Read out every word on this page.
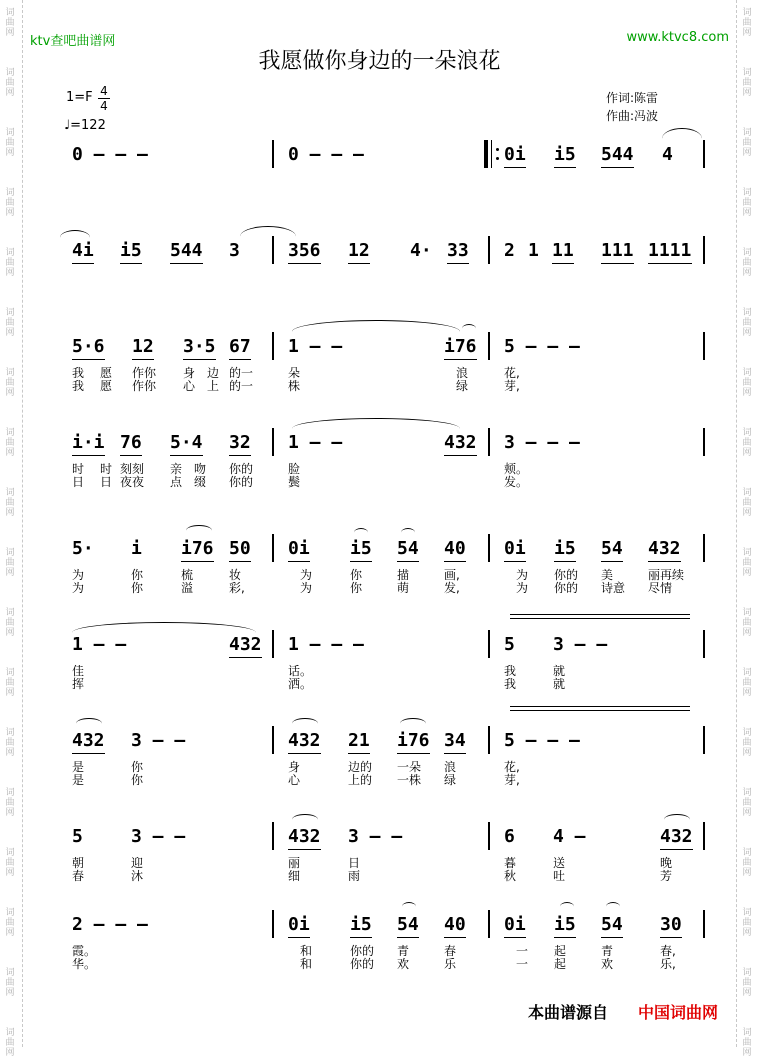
词
曲
网
词
曲
网
词
曲
网
词
曲
网
词
曲
网
词
曲
网
词
曲
网
词
曲
网
词
曲
网
词
曲
网
词
曲
网
词
曲
网
词
曲
网
词
曲
网
词
曲
网
词
曲
网
词
曲
网
词
曲
网
词
曲
网
词
曲
网
词
曲
网
词
曲
网
词
曲
网
词
曲
网
词
曲
网
词
曲
网
词
曲
网
词
曲
网
词
曲
网
词
曲
网
词
曲
网
词
曲
网
词
曲
网
词
曲
网
词
曲
网
词
曲
网
ktv查吧曲谱网	www.ktvc8.com
我愿做你身边的一朵浪花
1=F 4
4
♩=122
作词:陈雷
作曲:冯波
0 — — —	0 — — —	0i i5 544 4
4i i5 544 3	356 12 4· 33 2 1 11 111 1111
5·6 12 3·5 67 1 — —	i76 5 — — —
我 愿 作你 身 边 的一	朵	浪	花,
我 愿 作你 心 上 的一	株	绿	芽,
i·i 76 5·4 32 1 — —	432 3 — — —
时 时 刻刻 亲 吻 你的	脸	颊。
日 日 夜夜 点 缀 你的	鬓	发。
5· i i76 50 0i i5 54 40 0i i5 54 432
为	你	梳	妆	为	你	描	画,	为 你的 美	丽再续
为	你	溢	彩,	为	你	萌	发,	为 你的 诗意 尽情
1 — —	432 1 — — —	5 3 — —
佳	话。	我	就
挥	洒。	我	就
432 3 — —	432 21 i76 34 5 — — —
是	你	身	边的 一朵 浪	花,
是	你	心	上的 一株 绿	芽,
5	3 — —	432 3 — —	6 4 —	432
朝	迎	丽	日	暮	送	晚
春	沐	细	雨	秋	吐	芳
2 — — —	0i i5 54 40 0i i5 54 30
霞。	和	你的 青	春	一 起	青	春,
华。	和	你的 欢	乐	一 起	欢	乐,
本曲谱源自 中国词曲网
